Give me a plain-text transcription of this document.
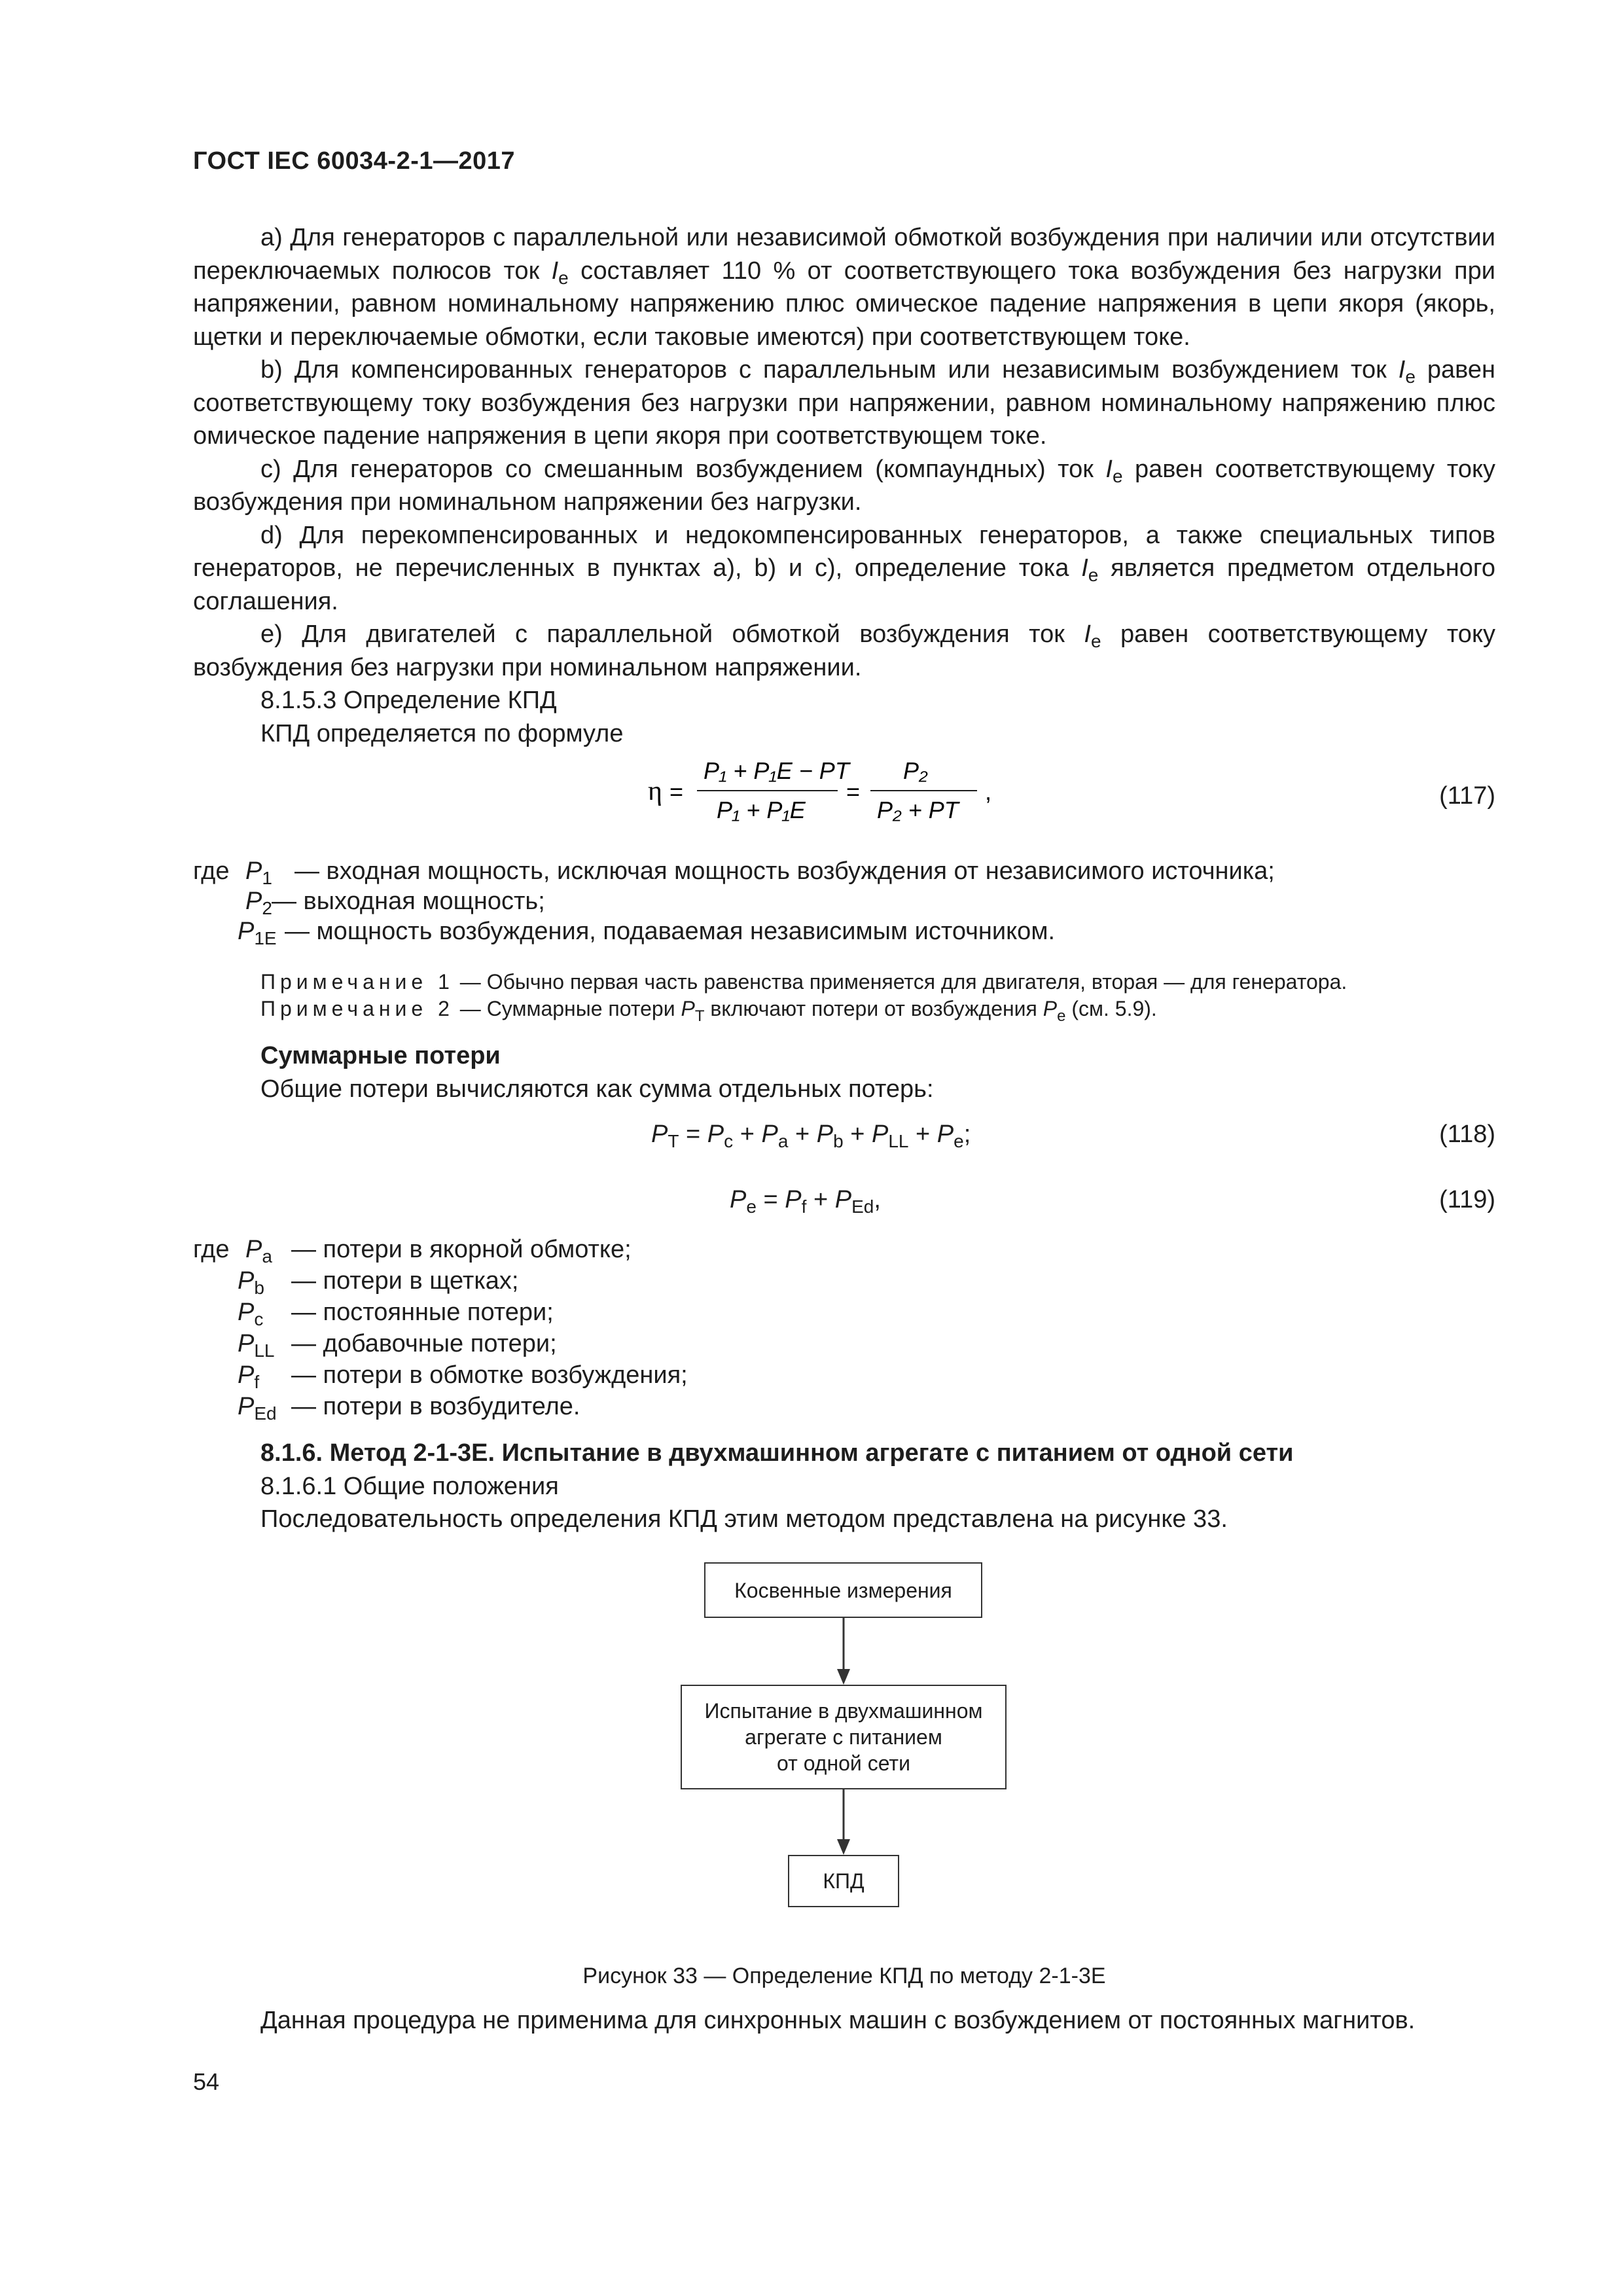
ГОСТ IEC 60034-2-1—2017

а) Для генераторов с параллельной или независимой обмоткой возбуждения при наличии или отсутствии переключаемых полюсов ток $I_e$ составляет 110 % от соответствующего тока возбуждения без нагрузки при напряжении, равном номинальному напряжению плюс омическое падение напряжения в цепи якоря (якорь, щетки и переключаемые обмотки, если таковые имеются) при соответствующем токе.

b) Для компенсированных генераторов с параллельным или независимым возбуждением ток $I_e$ равен соответствующему току возбуждения без нагрузки при напряжении, равном номинальному напряжению плюс омическое падение напряжения в цепи якоря при соответствующем токе.

с) Для генераторов со смешанным возбуждением (компаундных) ток $I_e$ равен соответствующему току возбуждения при номинальном напряжении без нагрузки.

d) Для перекомпенсированных и недокомпенсированных генераторов, а также специальных типов генераторов, не перечисленных в пунктах а), b) и с), определение тока $I_e$ является предметом отдельного соглашения.

е) Для двигателей с параллельной обмоткой возбуждения ток $I_e$ равен соответствующему току возбуждения без нагрузки при номинальном напряжении.

8.1.5.3 Определение КПД

КПД определяется по формуле

η =
P₁ + P₁E − PT
P₁ + P₁E
=
P₂
P₂ + PT
,	(117)
где $P_1$ — входная мощность, исключая мощность возбуждения от независимого источника;
$P_2$ — выходная мощность;
$P_{1E}$ — мощность возбуждения, подаваемая независимым источником.
Примечание 1 — Обычно первая часть равенства применяется для двигателя, вторая — для генератора.
Примечание 2 — Суммарные потери $P_T$ включают потери от возбуждения $P_e$ (см. 5.9).

Суммарные потери

Общие потери вычисляются как сумма отдельных потерь:

$P_T = P_c + P_a + P_b + P_{LL} + P_e$;	(118)
$P_e = P_f + P_{Ed}$,	(119)
где $P_a$ — потери в якорной обмотке;
$P_b$ — потери в щетках;
$P_c$ — постоянные потери;
$P_{LL}$ — добавочные потери;
$P_f$ — потери в обмотке возбуждения;
$P_{Ed}$ — потери в возбудителе.

8.1.6. Метод 2-1-3Е. Испытание в двухмашинном агрегате с питанием от одной сети

8.1.6.1 Общие положения

Последовательность определения КПД этим методом представлена на рисунке 33.

Косвенные измерения
Испытание в двухмашинном
агрегате с питанием
от одной сети
КПД
Рисунок 33 — Определение КПД по методу 2-1-3Е
Данная процедура не применима для синхронных машин с возбуждением от постоянных магнитов.
54
